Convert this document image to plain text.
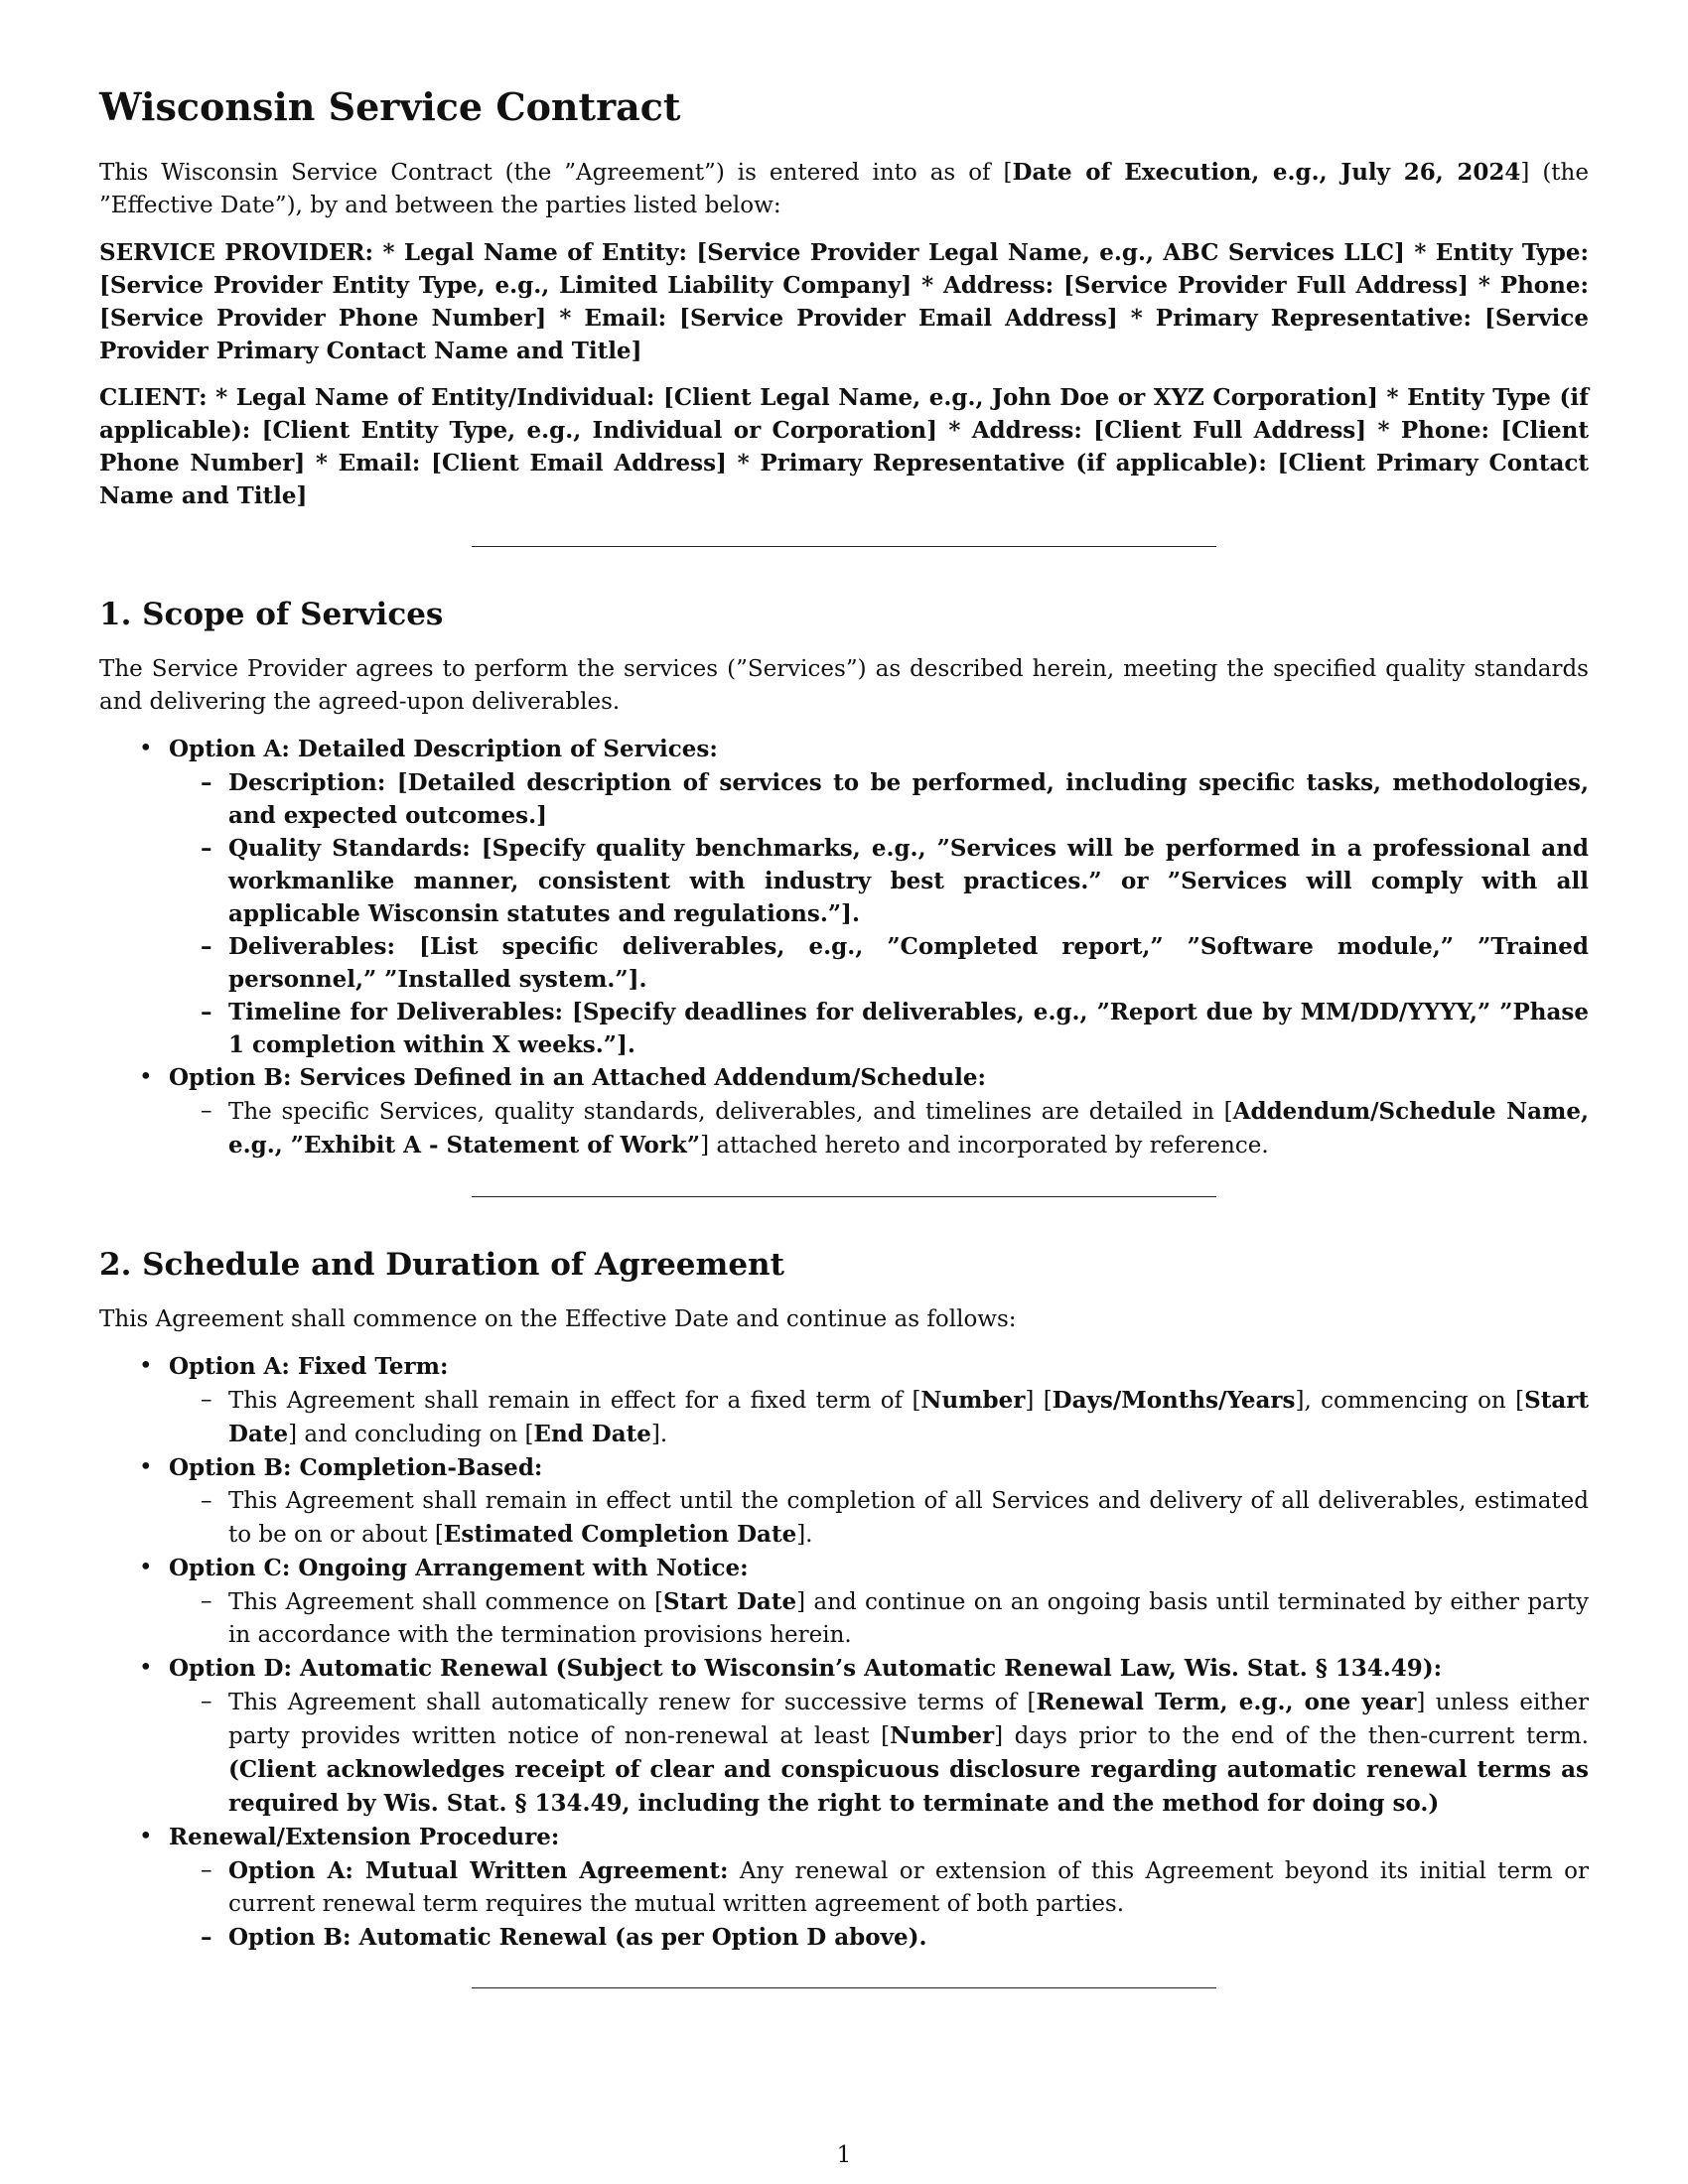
Wisconsin Service Contract

This Wisconsin Service Contract (the ”Agreement”) is entered into as of [Date of Execution, e.g., July 26, 2024] (the ”Effective Date”), by and between the parties listed below:

SERVICE PROVIDER: * Legal Name of Entity: [Service Provider Legal Name, e.g., ABC Services LLC] * Entity Type: [Service Provider Entity Type, e.g., Limited Liability Company] * Address: [Service Provider Full Address] * Phone: [Service Provider Phone Number] * Email: [Service Provider Email Address] * Primary Representative: [Service Provider Primary Contact Name and Title]

CLIENT: * Legal Name of Entity/Individual: [Client Legal Name, e.g., John Doe or XYZ Corporation] * Entity Type (if applicable): [Client Entity Type, e.g., Individual or Corporation] * Address: [Client Full Address] * Phone: [Client Phone Number] * Email: [Client Email Address] * Primary Representative (if applicable): [Client Primary Contact Name and Title]

1. Scope of Services

The Service Provider agrees to perform the services (”Services”) as described herein, meeting the specified quality standards and delivering the agreed-upon deliverables.

• Option A: Detailed Description of Services:
– Description: [Detailed description of services to be performed, including specific tasks, methodologies, and expected outcomes.]
– Quality Standards: [Specify quality benchmarks, e.g., ”Services will be performed in a professional and workmanlike manner, consistent with industry best practices.” or ”Services will comply with all applicable Wisconsin statutes and regulations.”].
– Deliverables: [List specific deliverables, e.g., ”Completed report,” ”Software module,” ”Trained personnel,” ”Installed system.”].
– Timeline for Deliverables: [Specify deadlines for deliverables, e.g., ”Report due by MM/DD/YYYY,” ”Phase 1 completion within X weeks.”].
• Option B: Services Defined in an Attached Addendum/Schedule:
– The specific Services, quality standards, deliverables, and timelines are detailed in [Addendum/Schedule Name, e.g., ”Exhibit A - Statement of Work”] attached hereto and incorporated by reference.
2. Schedule and Duration of Agreement

This Agreement shall commence on the Effective Date and continue as follows:

• Option A: Fixed Term:
– This Agreement shall remain in effect for a fixed term of [Number] [Days/Months/Years], commencing on [Start Date] and concluding on [End Date].
• Option B: Completion-Based:
– This Agreement shall remain in effect until the completion of all Services and delivery of all deliverables, estimated to be on or about [Estimated Completion Date].
• Option C: Ongoing Arrangement with Notice:
– This Agreement shall commence on [Start Date] and continue on an ongoing basis until terminated by either party in accordance with the termination provisions herein.
• Option D: Automatic Renewal (Subject to Wisconsin’s Automatic Renewal Law, Wis. Stat. § 134.49):
– This Agreement shall automatically renew for successive terms of [Renewal Term, e.g., one year] unless either party provides written notice of non-renewal at least [Number] days prior to the end of the then-current term. (Client acknowledges receipt of clear and conspicuous disclosure regarding automatic renewal terms as required by Wis. Stat. § 134.49, including the right to terminate and the method for doing so.)
• Renewal/Extension Procedure:
– Option A: Mutual Written Agreement: Any renewal or extension of this Agreement beyond its initial term or current renewal term requires the mutual written agreement of both parties.
– Option B: Automatic Renewal (as per Option D above).
1
